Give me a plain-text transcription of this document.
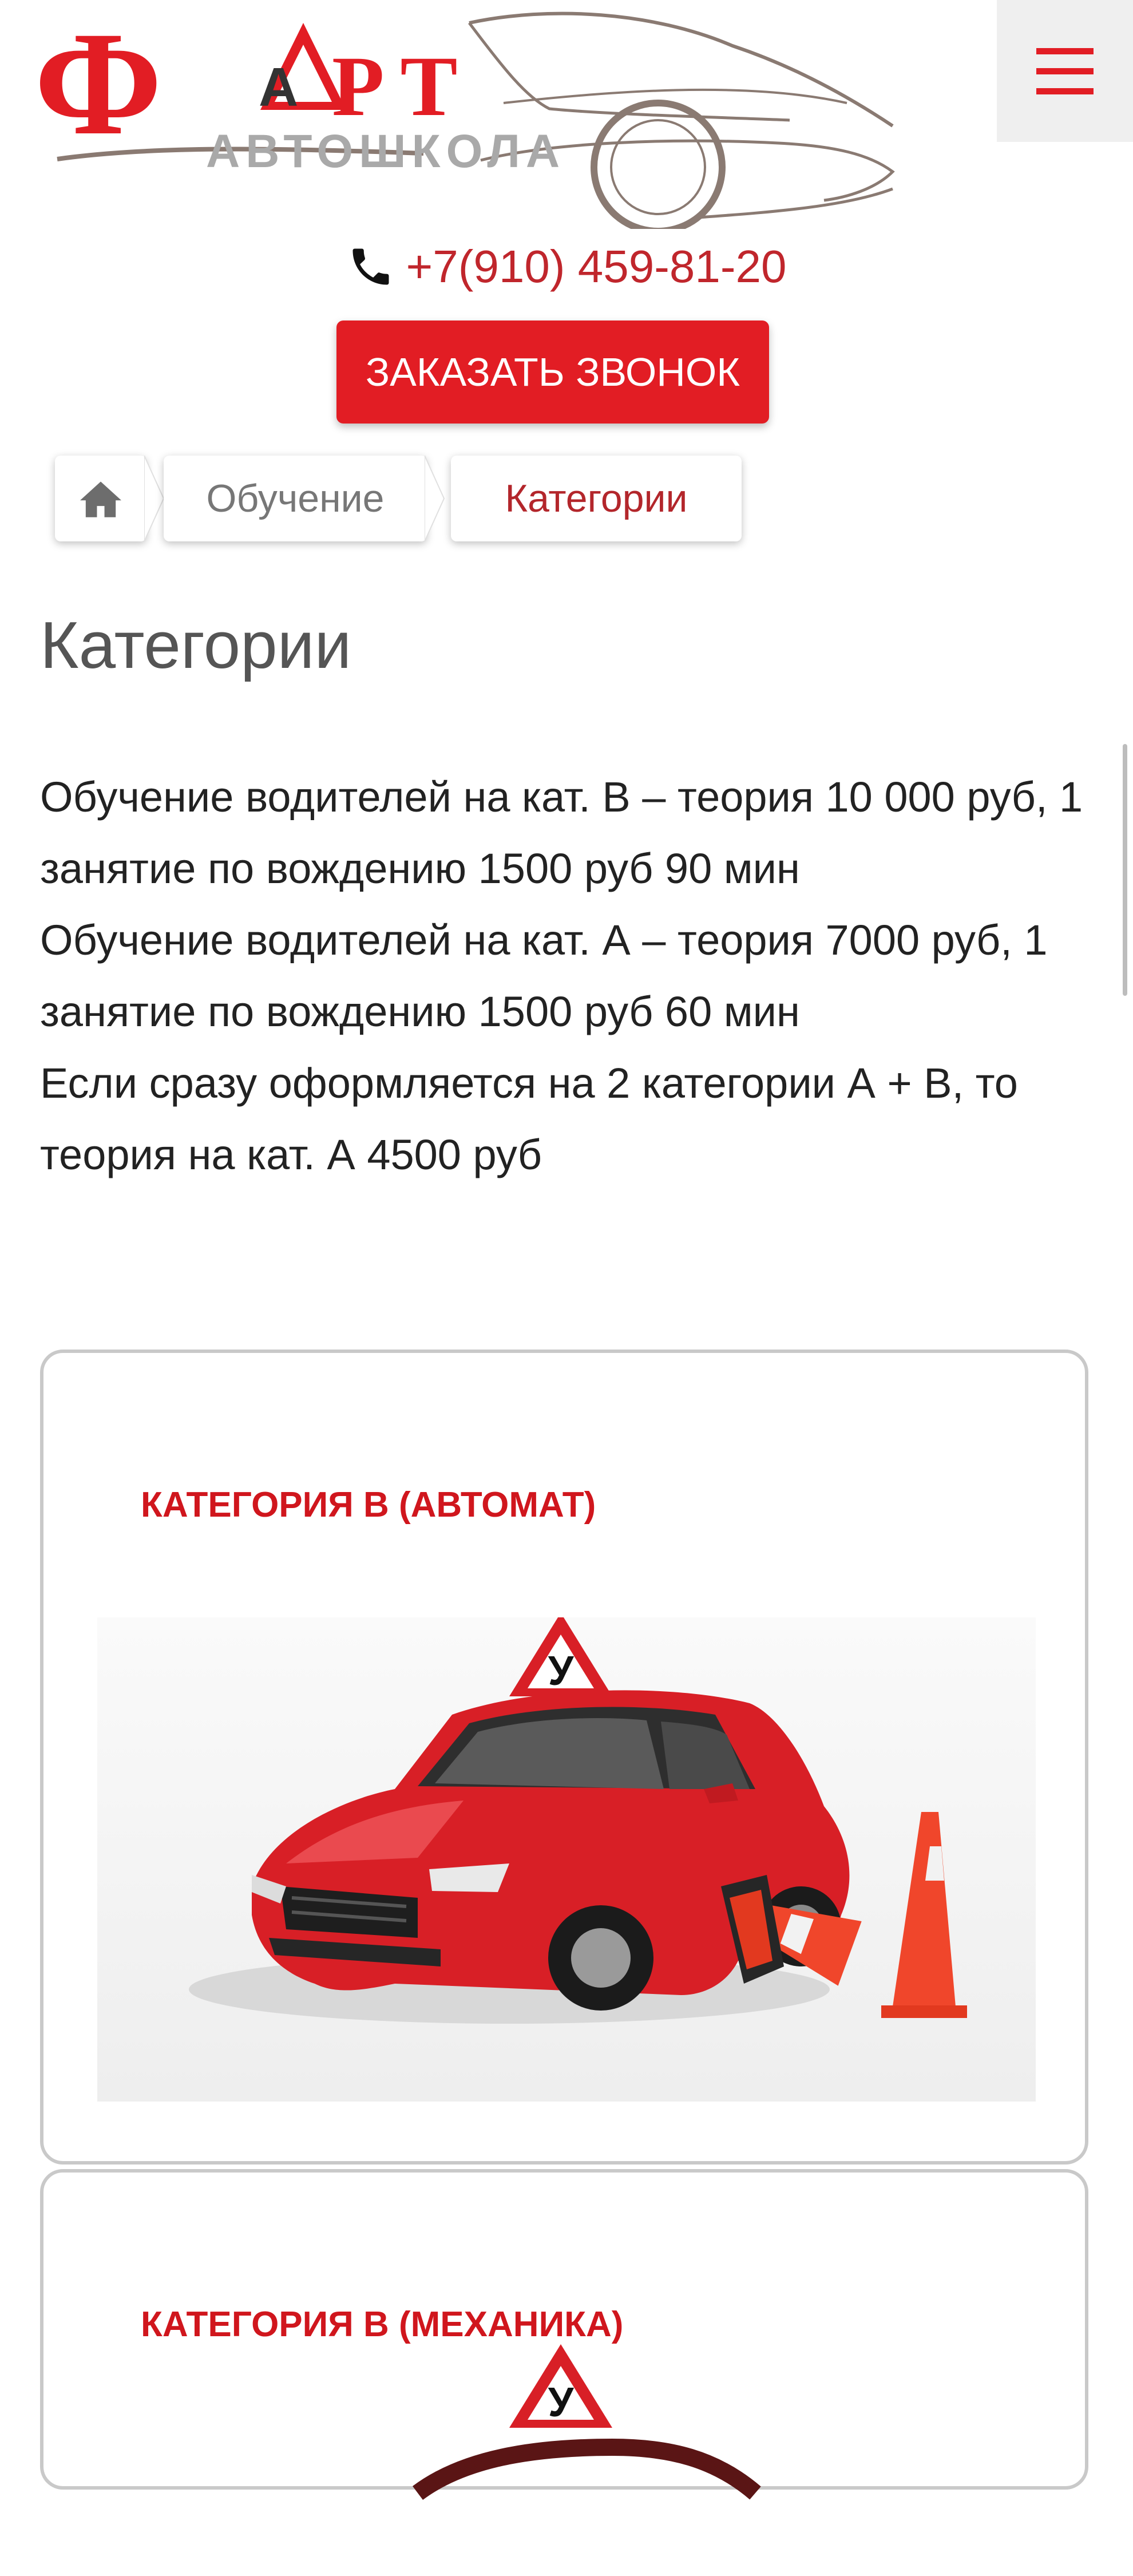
Ф А РТ
АВТОШКОЛА
+7(910) 459-81-20
ЗАКАЗАТЬ ЗВОНОК
Обучение	Категории
Категории

Обучение водителей на кат. В – теория 10 000 руб, 1 занятие по вождению 1500 руб 90 мин

Обучение водителей на кат. А – теория 7000 руб, 1 занятие по вождению 1500 руб 60 мин

Если сразу оформляется на 2 категории А + В, то теория на кат. А 4500 руб

КАТЕГОРИЯ В (АВТОМАТ)
У
КАТЕГОРИЯ В (МЕХАНИКА)
У
